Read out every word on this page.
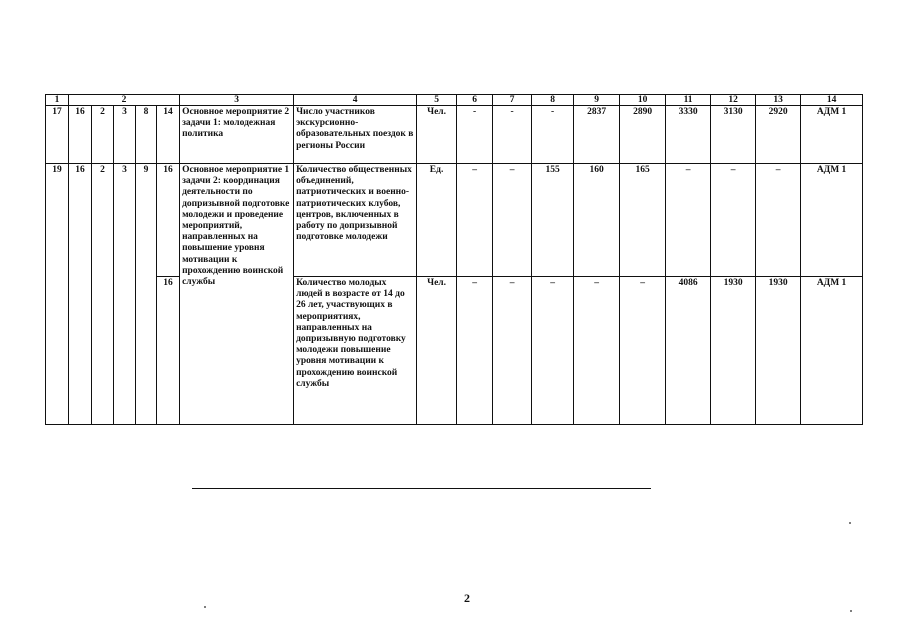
1	2					3	4	5	6	7	8	9	10	11	12	13	14
17	16	2	3	8	14	Основное мероприятие 2 задачи 1: молодежная политика	Число участников экскурсионно-образовательных поездок в регионы России	Чел.	-	-	-	2837	2890	3330	3130	2920	АДМ 1
19	16	2	3	9	16	Основное мероприятие 1 задачи 2: координация деятельности по допризывной подготовке молодежи и проведение мероприятий, направленных на повышение уровня мотивации к прохождению воинской службы	Количество общественных объединений, патриотических и военно-патриотических клубов, центров, включенных в работу по допризывной подготовке молодежи	Ед.	–	–	155	160	165	–	–	–	АДМ 1
					16		Количество молодых людей в возрасте от 14 до 26 лет, участвующих в мероприятиях, направленных на допризывную подготовку молодежи повышение уровня мотивации к прохождению воинской службы	Чел.	–	–	–	–	–	4086	1930	1930	АДМ 1
2
